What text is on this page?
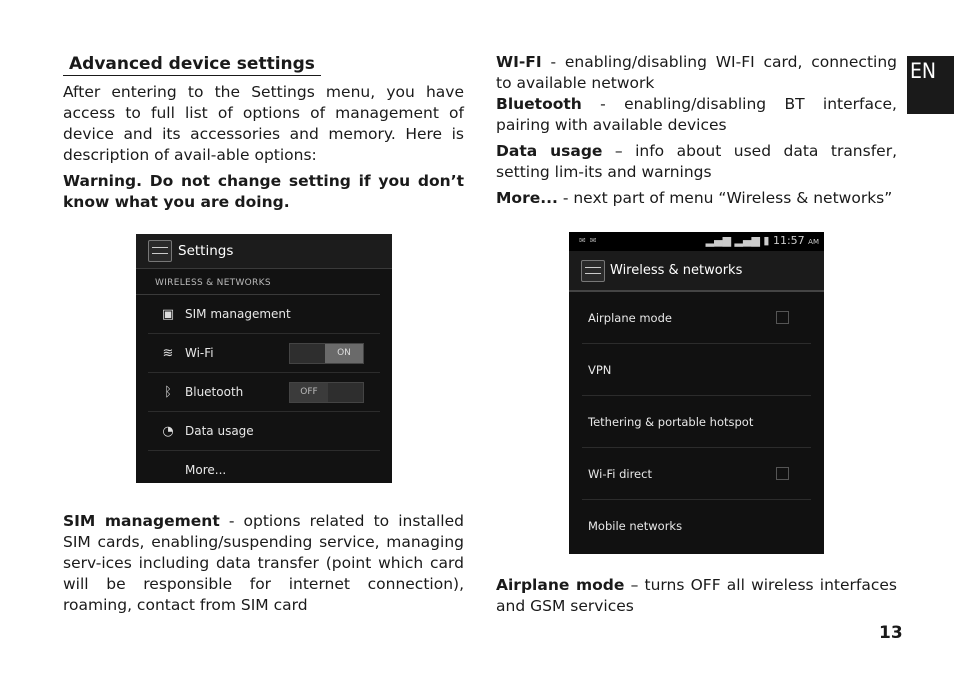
Advanced device settings

After entering to the Settings menu, you have access to full list of options of management of device and its accessories and memory. Here is description of avail-able options:

Warning. Do not change setting if you don’t know what you are doing.

Settings
WIRELESS & NETWORKS
▣ SIM management
≋ Wi-Fi	ON
ᛒ	Bluetooth	OFF
◔ Data usage
More...

SIM management - options related to installed SIM cards, enabling/suspending service, managing serv-ices including data transfer (point which card will be responsible for internet connection), roaming, contact from SIM card

WI-FI - enabling/disabling WI-FI card, connecting to available network

Bluetooth - enabling/disabling BT interface, pairing with available devices

Data usage – info about used data transfer, setting lim-its and warnings

More... - next part of menu “Wireless & networks”

✉✉	▂▄▆ ▂▄▆ ▮ 11:57 AM
Wireless & networks
Airplane mode
VPN
Tethering & portable hotspot
Wi-Fi direct
Mobile networks

Airplane mode – turns OFF all wireless interfaces and GSM services

EN
13
